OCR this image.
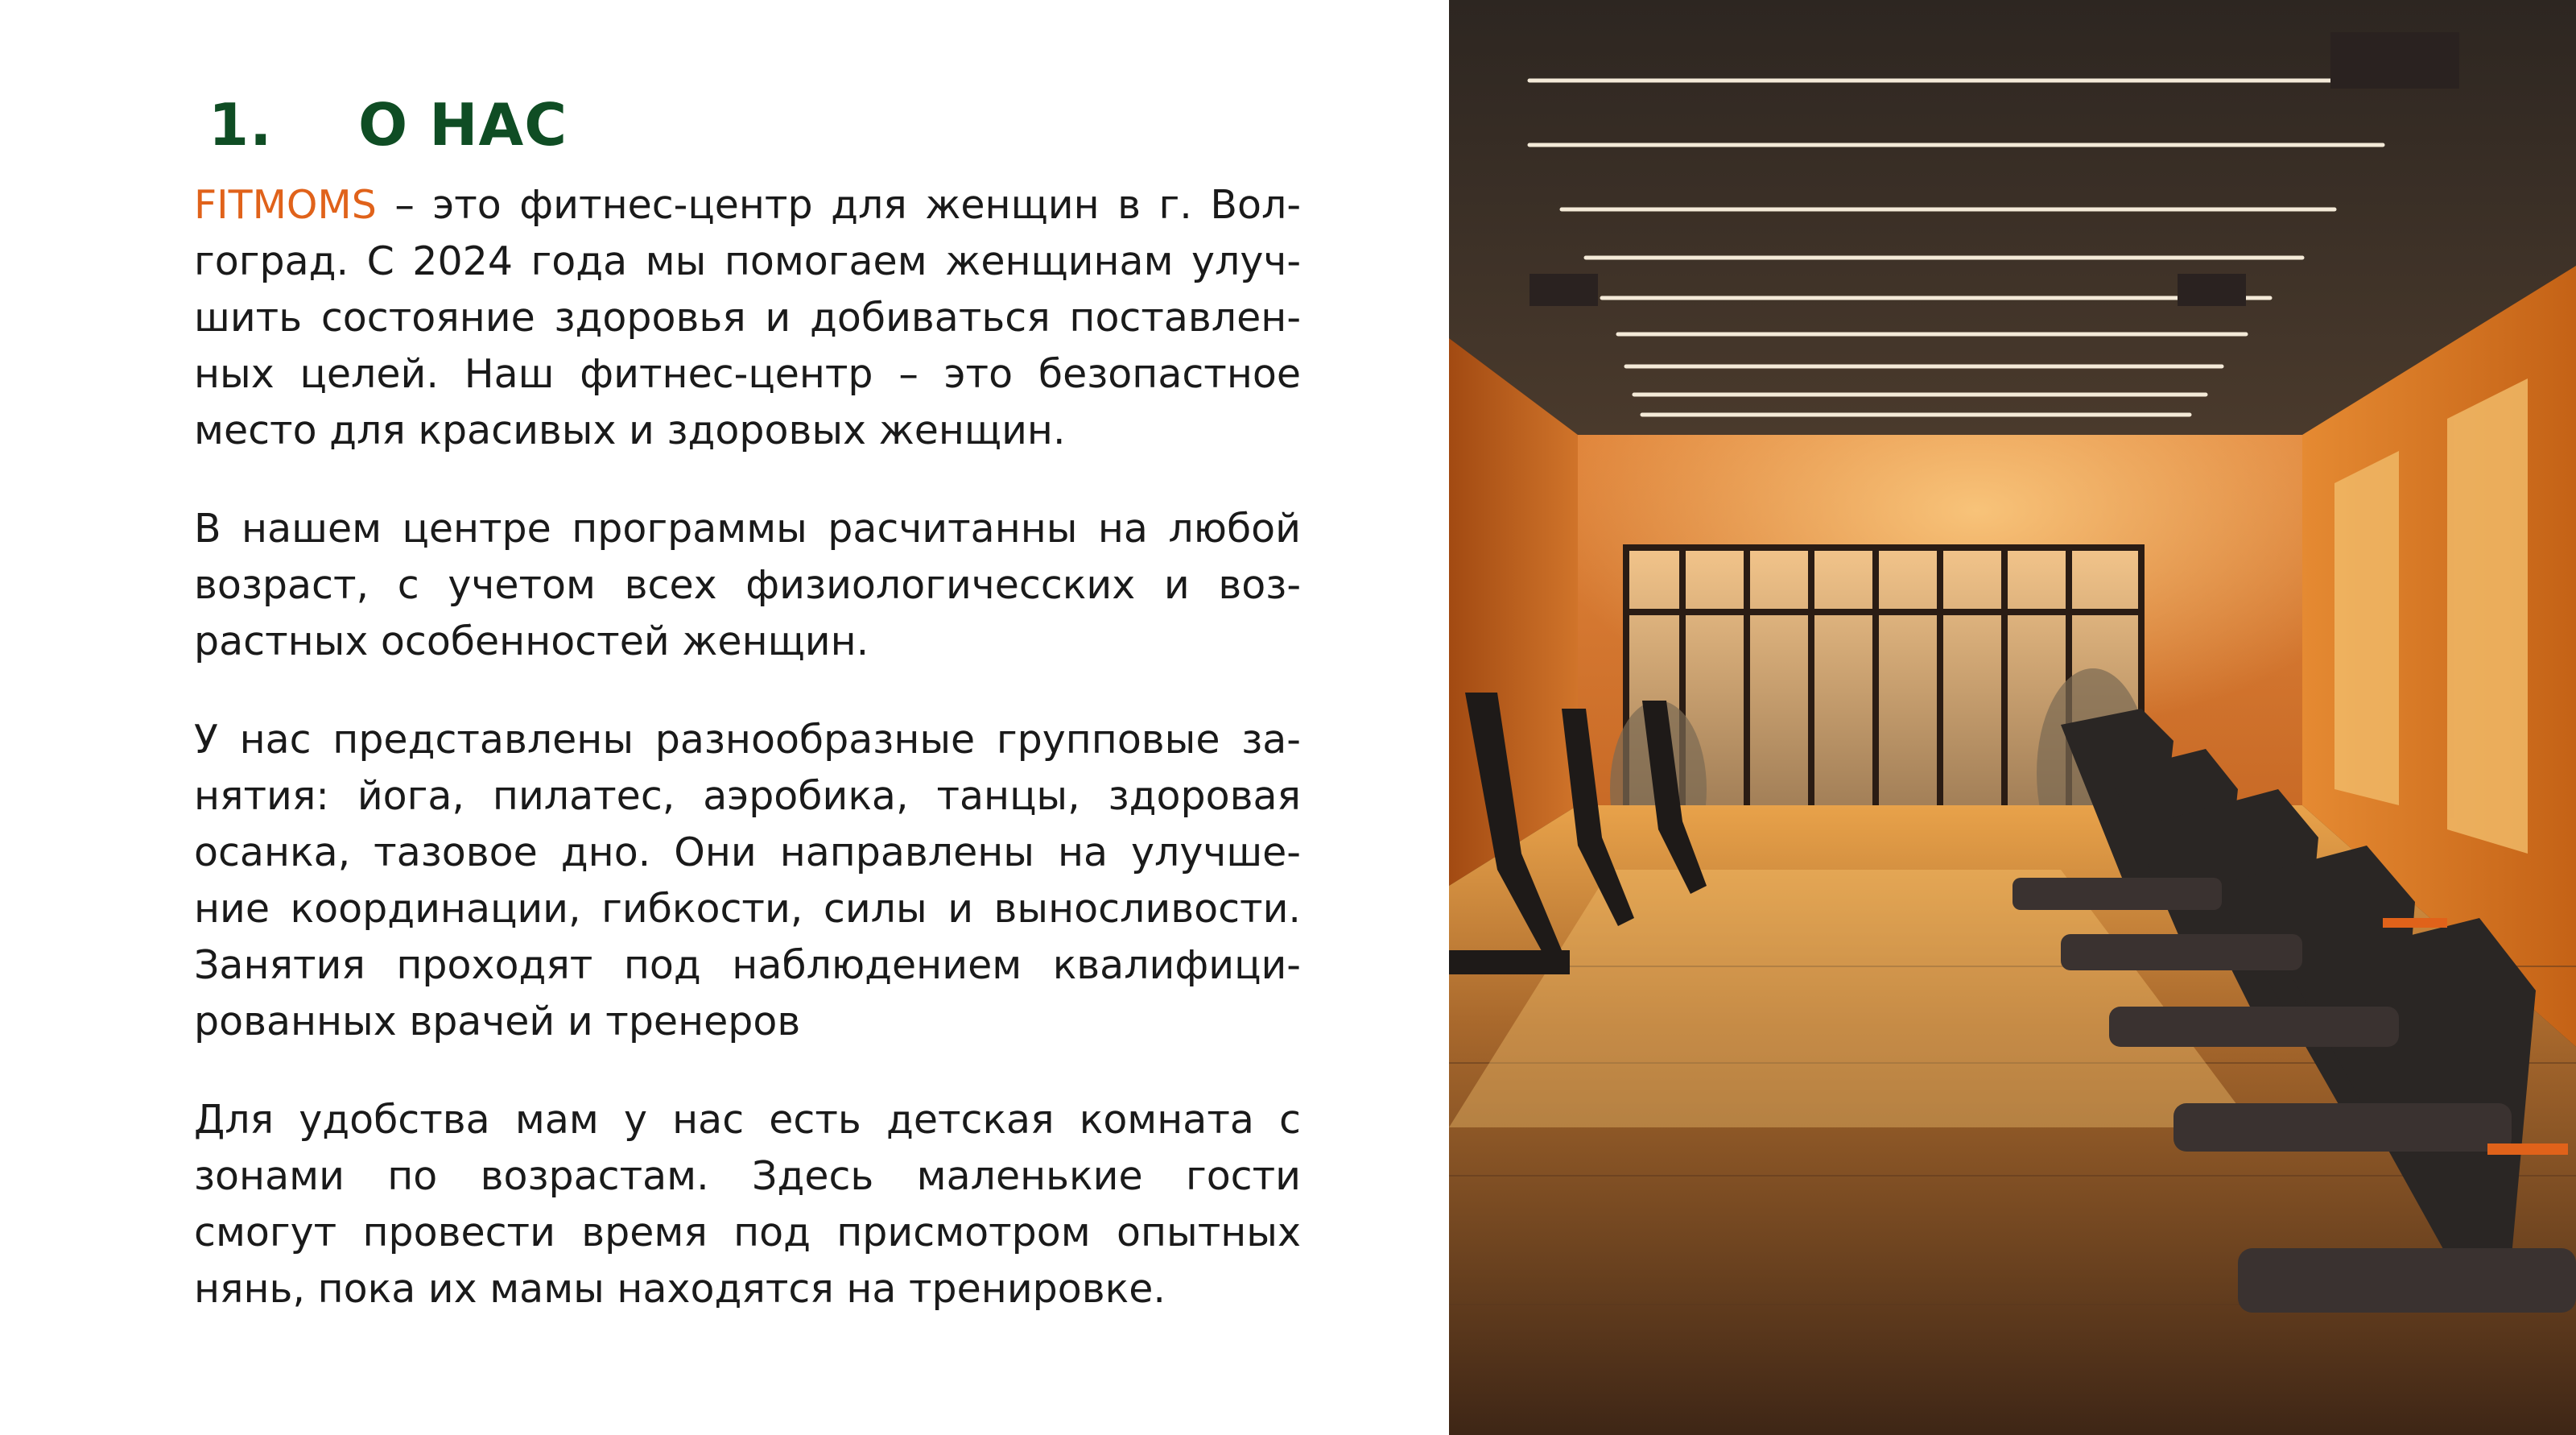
1.	О НАС

FITMOMS – это фитнес-центр для женщин в г. Вол-гоград. С 2024 года мы помогаем женщинам улуч-шить состояние здоровья и добиваться поставлен-ных целей. Наш фитнес-центр – это безопастное место для красивых и здоровых женщин.

В нашем центре программы расчитанны на любой возраст, с учетом всех физиологичесских и воз-растных особенностей женщин.

У нас представлены разнообразные групповые за-нятия: йога, пилатес, аэробика, танцы, здоровая осанка, тазовое дно. Они направлены на улучше-ние координации, гибкости, силы и выносливости. Занятия проходят под наблюдением квалифици-рованных врачей и тренеров

Для удобства мам у нас есть детская комната с зонами по возрастам. Здесь маленькие гости смогут провести время под присмотром опытных нянь, пока их мамы находятся на тренировке.
